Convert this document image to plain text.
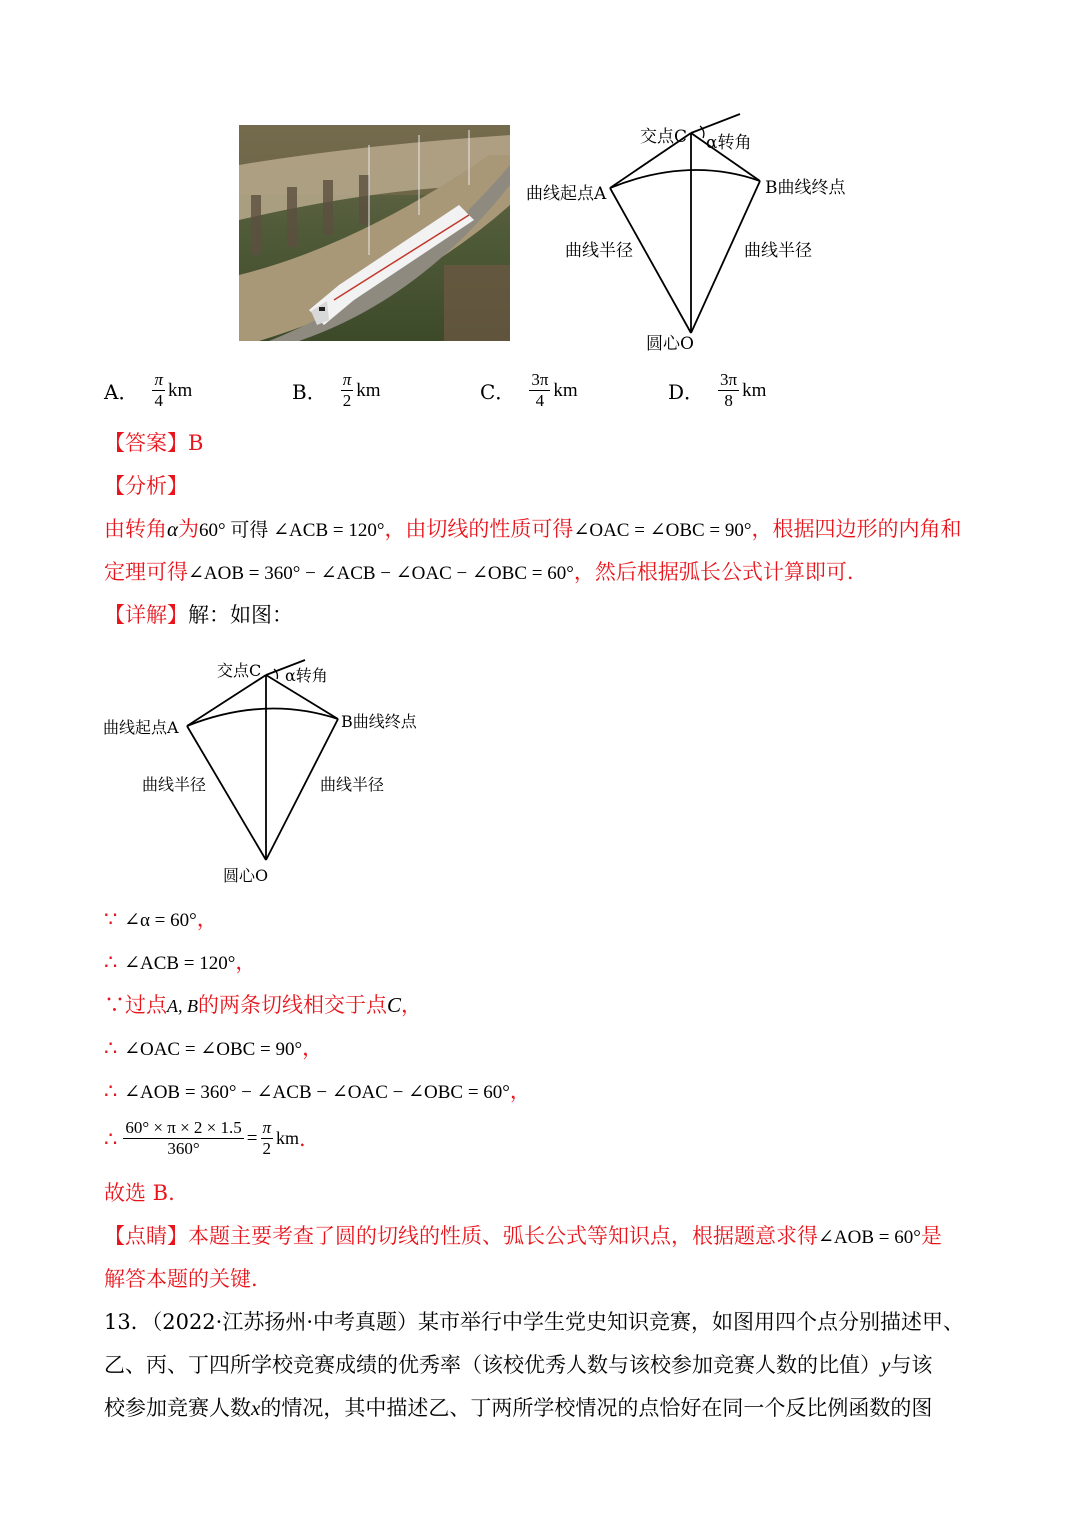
交点C α转角
曲线起点A	B曲线终点
曲线半径	曲线半径
圆心O
A． $\frac{\pi}{4}$ km	B． $\frac{\pi}{2}$ km	C． $\frac{3\pi}{4}$ km	D． $\frac{3\pi}{8}$ km
【答案】B
【分析】
由转角α为60° 可得 ∠ACB = 120°，由切线的性质可得∠OAC = ∠OBC = 90°，根据四边形的内角和
定理可得∠AOB = 360° − ∠ACB − ∠OAC − ∠OBC = 60°，然后根据弧长公式计算即可.
【详解】解：如图：
交点C α转角
曲线起点A	B曲线终点
曲线半径	曲线半径
圆心O
∵ ∠α = 60°，
∴ ∠ACB = 120°，
∵过点A, B的两条切线相交于点C，
∴ ∠OAC = ∠OBC = 90°，
∴ ∠AOB = 360° − ∠ACB − ∠OAC − ∠OBC = 60°，
∴ $\frac{60^\circ \times \pi \times 2 \times 1.5}{360^\circ} = \frac{\pi}{2}$ km .
故选 B.
【点睛】本题主要考查了圆的切线的性质、弧长公式等知识点，根据题意求得∠AOB = 60°是
解答本题的关键.
13．（2022·江苏扬州·中考真题）某市举行中学生党史知识竞赛，如图用四个点分别描述甲、
乙、丙、丁四所学校竞赛成绩的优秀率（该校优秀人数与该校参加竞赛人数的比值）y与该
校参加竞赛人数x的情况，其中描述乙、丁两所学校情况的点恰好在同一个反比例函数的图
